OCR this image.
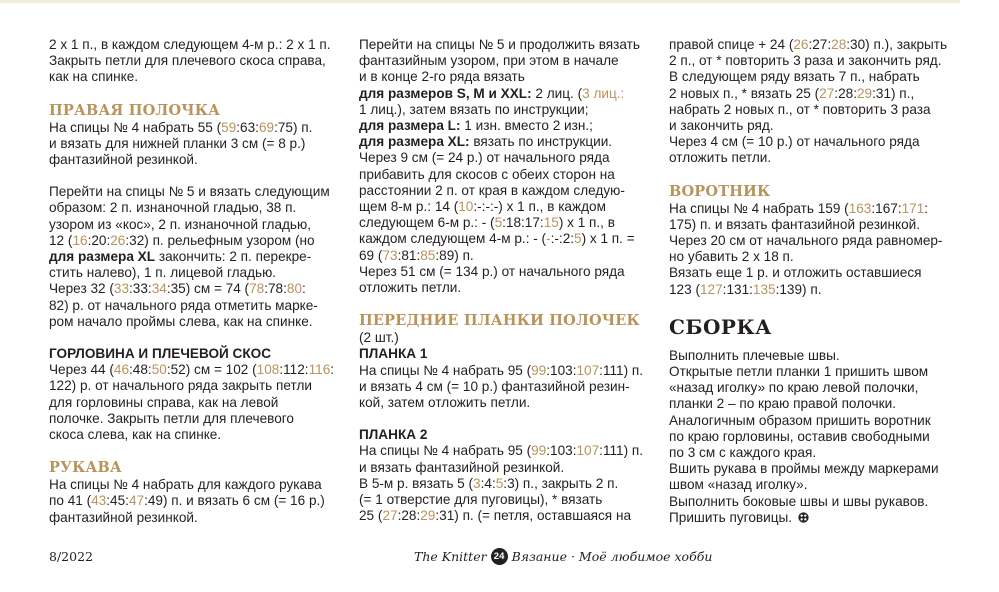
2 х 1 п., в каждом следующем 4-м р.: 2 х 1 п.

Закрыть петли для плечевого скоса справа,

как на спинке.

ПРАВАЯ ПОЛОЧКА

На спицы № 4 набрать 55 (59:63:69:75) п.

и вязать для нижней планки 3 см (= 8 р.)

фантазийной резинкой.

Перейти на спицы № 5 и вязать следующим

образом: 2 п. изнаночной гладью, 38 п.

узором из «кос», 2 п. изнаночной гладью,

12 (16:20:26:32) п. рельефным узором (но

для размера XL закончить: 2 п. перекре-

стить налево), 1 п. лицевой гладью.

Через 32 (33:33:34:35) см = 74 (78:78:80:

82) р. от начального ряда отметить марке-

ром начало проймы слева, как на спинке.

ГОРЛОВИНА И ПЛЕЧЕВОЙ СКОС

Через 44 (46:48:50:52) см = 102 (108:112:116:

122) р. от начального ряда закрыть петли

для горловины справа, как на левой

полочке. Закрыть петли для плечевого

скоса слева, как на спинке.

РУКАВА

На спицы № 4 набрать для каждого рукава

по 41 (43:45:47:49) п. и вязать 6 см (= 16 р.)

фантазийной резинкой.

Перейти на спицы № 5 и продолжить вязать

фантазийным узором, при этом в начале

и в конце 2-го ряда вязать

для размеров S, M и XXL: 2 лиц. (3 лиц.:

1 лиц.), затем вязать по инструкции;

для размера L: 1 изн. вместо 2 изн.;

для размера XL: вязать по инструкции.

Через 9 см (= 24 р.) от начального ряда

прибавить для скосов с обеих сторон на

расстоянии 2 п. от края в каждом следую-

щем 8-м р.: 14 (10:-:-:-) х 1 п., в каждом

следующем 6-м р.: - (5:18:17:15) х 1 п., в

каждом следующем 4-м р.: - (-:-:2:5) х 1 п. =

69 (73:81:85:89) п.

Через 51 см (= 134 р.) от начального ряда

отложить петли.

ПЕРЕДНИЕ ПЛАНКИ ПОЛОЧЕК

(2 шт.)

ПЛАНКА 1

На спицы № 4 набрать 95 (99:103:107:111) п.

и вязать 4 см (= 10 р.) фантазийной резин-

кой, затем отложить петли.

ПЛАНКА 2

На спицы № 4 набрать 95 (99:103:107:111) п.

и вязать фантазийной резинкой.

В 5-м р. вязать 5 (3:4:5:3) п., закрыть 2 п.

(= 1 отверстие для пуговицы), * вязать

25 (27:28:29:31) п. (= петля, оставшаяся на

правой спице + 24 (26:27:28:30) п.), закрыть

2 п., от * повторить 3 раза и закончить ряд.

В следующем ряду вязать 7 п., набрать

2 новых п., * вязать 25 (27:28:29:31) п.,

набрать 2 новых п., от * повторить 3 раза

и закончить ряд.

Через 4 см (= 10 р.) от начального ряда

отложить петли.

ВОРОТНИК

На спицы № 4 набрать 159 (163:167:171:

175) п. и вязать фантазийной резинкой.

Через 20 см от начального ряда равномер-

но убавить 2 х 18 п.

Вязать еще 1 р. и отложить оставшиеся

123 (127:131:135:139) п.

СБОРКА

Выполнить плечевые швы.

Открытые петли планки 1 пришить швом

«назад иголку» по краю левой полочки,

планки 2 – по краю правой полочки.

Аналогичным образом пришить воротник

по краю горловины, оставив свободными

по 3 см с каждого края.

Вшить рукава в проймы между маркерами

швом «назад иголку».

Выполнить боковые швы и швы рукавов.

Пришить пуговицы.

8/2022	The Knitter 24 Вязание · Моё любимое хобби
